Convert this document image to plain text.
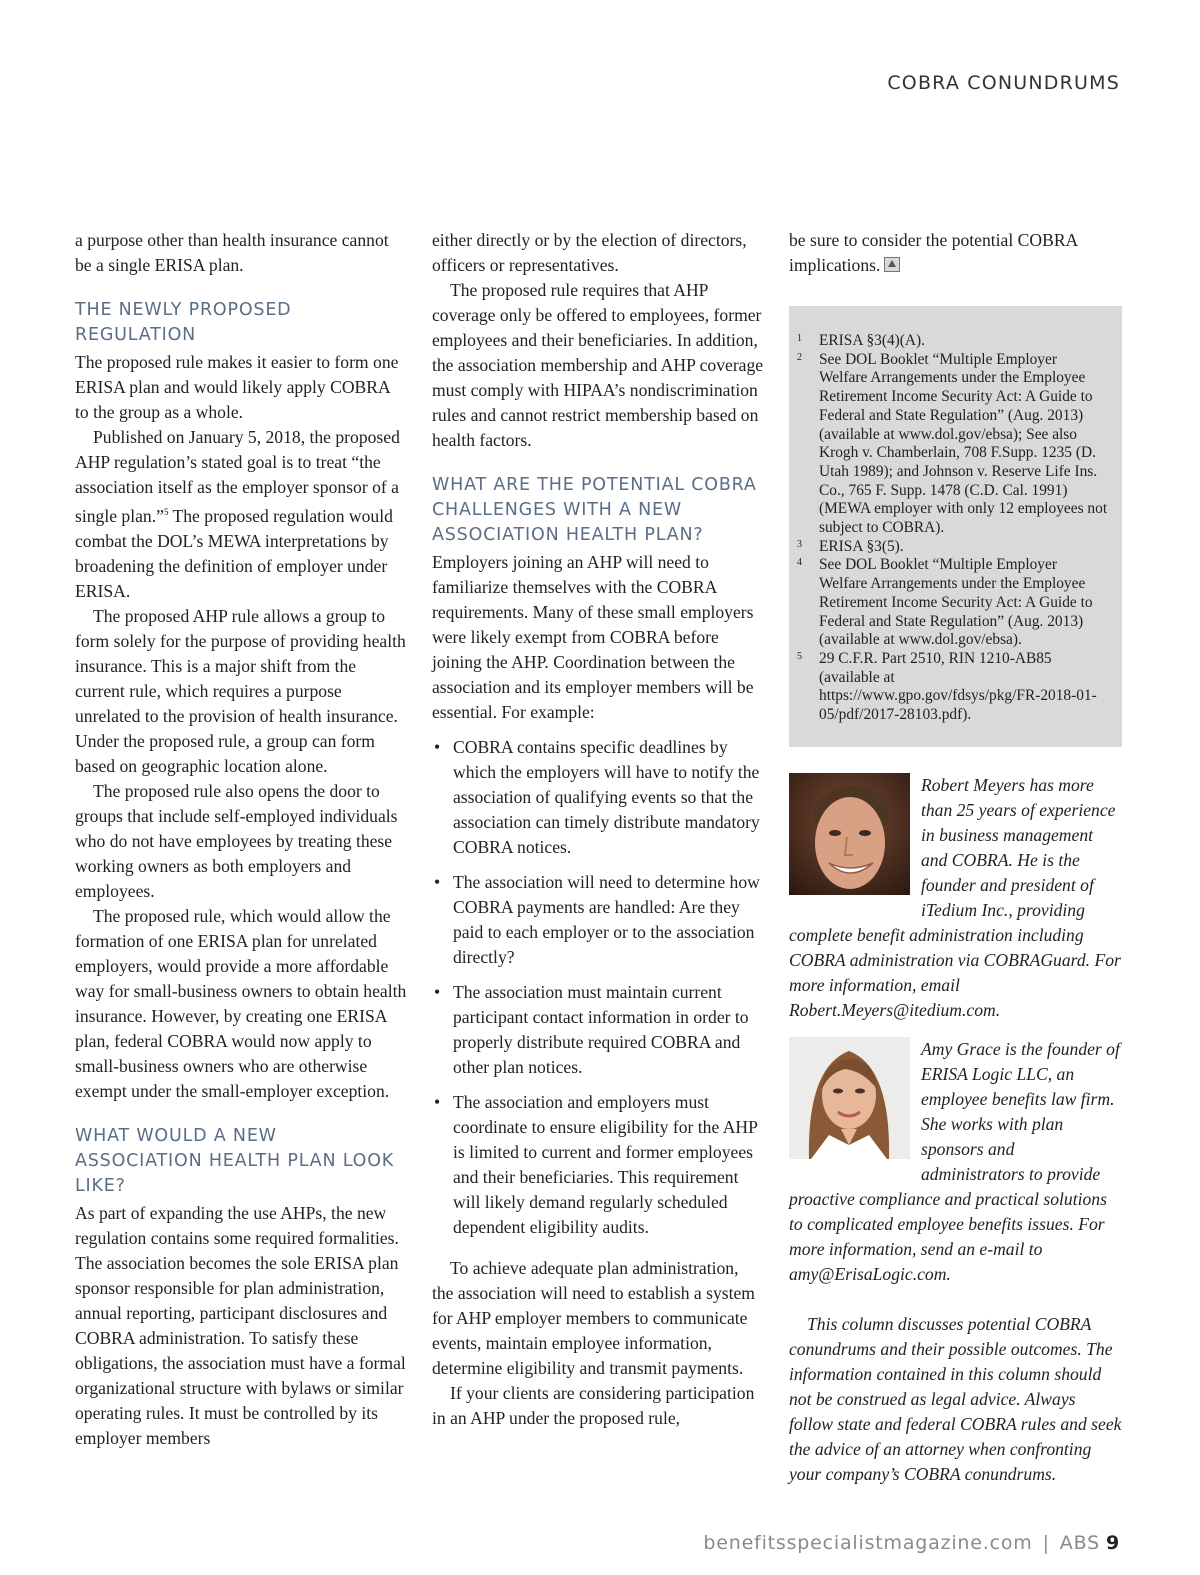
COBRA CONUNDRUMS

a purpose other than health insurance cannot be a single ERISA plan.

THE NEWLY PROPOSED REGULATION

The proposed rule makes it easier to form one ERISA plan and would likely apply COBRA to the group as a whole.

Published on January 5, 2018, the proposed AHP regulation’s stated goal is to treat “the association itself as the employer sponsor of a single plan.”$^5$ The proposed regulation would combat the DOL’s MEWA interpretations by broadening the definition of employer under ERISA.

The proposed AHP rule allows a group to form solely for the purpose of providing health insurance. This is a major shift from the current rule, which requires a purpose unrelated to the provision of health insurance. Under the proposed rule, a group can form based on geographic location alone.

The proposed rule also opens the door to groups that include self-employed individuals who do not have employees by treating these working owners as both employers and employees.

The proposed rule, which would allow the formation of one ERISA plan for unrelated employers, would provide a more affordable way for small-business owners to obtain health insurance. However, by creating one ERISA plan, federal COBRA would now apply to small-business owners who are otherwise exempt under the small-employer exception.

WHAT WOULD A NEW ASSOCIATION HEALTH PLAN LOOK LIKE?

As part of expanding the use AHPs, the new regulation contains some required formalities. The association becomes the sole ERISA plan sponsor responsible for plan administration, annual reporting, participant disclosures and COBRA administration. To satisfy these obligations, the association must have a formal organizational structure with bylaws or similar operating rules. It must be controlled by its employer members

either directly or by the election of directors, officers or representatives.

The proposed rule requires that AHP coverage only be offered to employees, former employees and their beneficiaries. In addition, the association membership and AHP coverage must comply with HIPAA’s nondiscrimination rules and cannot restrict membership based on health factors.

WHAT ARE THE POTENTIAL COBRA CHALLENGES WITH A NEW ASSOCIATION HEALTH PLAN?

Employers joining an AHP will need to familiarize themselves with the COBRA requirements. Many of these small employers were likely exempt from COBRA before joining the AHP. Coordination between the association and its employer members will be essential. For example:

• COBRA contains specific deadlines by which the employers will have to notify the association of qualifying events so that the association can timely distribute mandatory COBRA notices.
• The association will need to determine how COBRA payments are handled: Are they paid to each employer or to the association directly?
• The association must maintain current participant contact information in order to properly distribute required COBRA and other plan notices.
• The association and employers must coordinate to ensure eligibility for the AHP is limited to current and former employees and their beneficiaries. This requirement will likely demand regularly scheduled dependent eligibility audits.

To achieve adequate plan administration, the association will need to establish a system for AHP employer members to communicate events, maintain employee information, determine eligibility and transmit payments.

If your clients are considering participation in an AHP under the proposed rule,

be sure to consider the potential COBRA implications.

1 ERISA §3(4)(A).
2 See DOL Booklet “Multiple Employer Welfare Arrangements under the Employee Retirement Income Security Act: A Guide to Federal and State Regulation” (Aug. 2013) (available at www.dol.gov/ebsa); See also Krogh v. Chamberlain, 708 F.Supp. 1235 (D. Utah 1989); and Johnson v. Reserve Life Ins. Co., 765 F. Supp. 1478 (C.D. Cal. 1991) (MEWA employer with only 12 employees not subject to COBRA).
3 ERISA §3(5).
4 See DOL Booklet “Multiple Employer Welfare Arrangements under the Employee Retirement Income Security Act: A Guide to Federal and State Regulation” (Aug. 2013) (available at www.dol.gov/ebsa).
5 29 C.F.R. Part 2510, RIN 1210-AB85 (available at https://www.gpo.gov/fdsys/pkg/FR-2018-01-05/pdf/2017-28103.pdf).
Robert Meyers has more than 25 years of experience in business management and COBRA. He is the founder and president of iTedium Inc., providing complete benefit administration including COBRA administration via COBRAGuard. For more information, email Robert.Meyers@itedium.com.
Amy Grace is the founder of ERISA Logic LLC, an employee benefits law firm. She works with plan sponsors and administrators to provide proactive compliance and practical solutions to complicated employee benefits issues. For more information, send an e-mail to amy@ErisaLogic.com.

This column discusses potential COBRA conundrums and their possible outcomes. The information contained in this column should not be construed as legal advice. Always follow state and federal COBRA rules and seek the advice of an attorney when confronting your company’s COBRA conundrums.

benefitsspecialistmagazine.com | ABS 9
